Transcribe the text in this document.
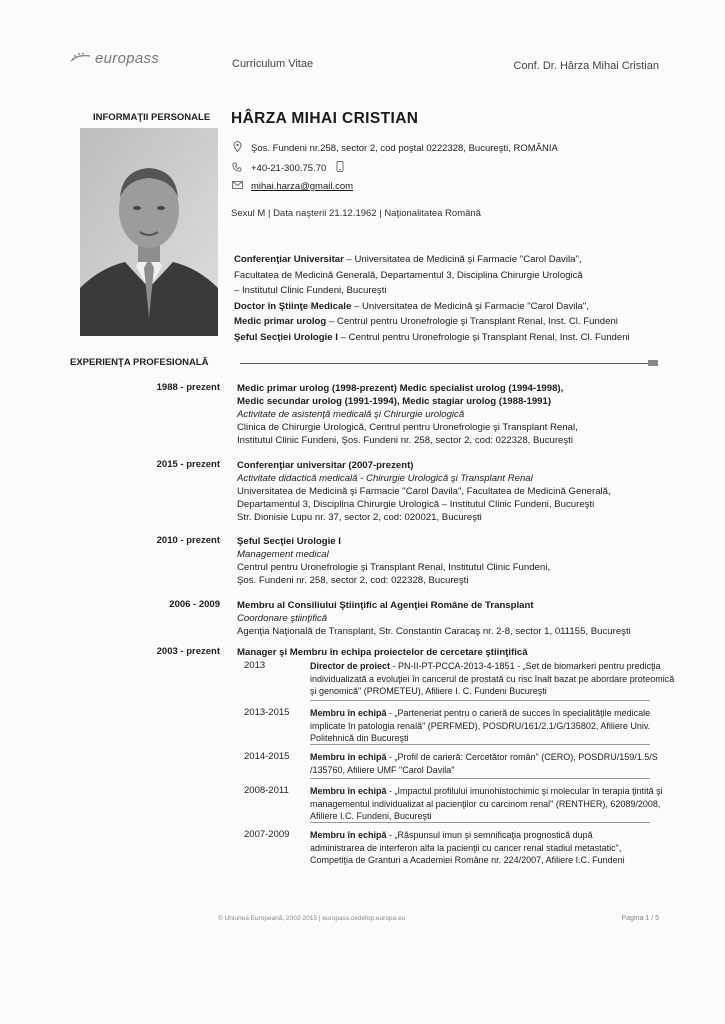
europass	Curriculum Vitae	Conf. Dr. Hârza Mihai Cristian
INFORMAŢII PERSONALE HÂRZA MIHAI CRISTIAN
Şos. Fundeni nr.258, sector 2, cod poştal 0222328, Bucureşti, ROMÂNIA
+40-21-300.75.70
mihai.harza@gmail.com
Sexul M | Data naşterii 21.12.1962 | Naţionalitatea Română
Conferenţiar Universitar – Universitatea de Medicină şi Farmacie "Carol Davila",
Facultatea de Medicină Generală, Departamentul 3, Disciplina Chirurgie Urologică
– Institutul Clinic Fundeni, Bucureşti
Doctor în Ştiinţe Medicale – Universitatea de Medicină şi Farmacie "Carol Davila",
Medic primar urolog – Centrul pentru Uronefrologie şi Transplant Renal, Inst. Cl. Fundeni
Şeful Secţiei Urologie I – Centrul pentru Uronefrologie şi Transplant Renal, Inst. Cl. Fundeni
EXPERIENŢA PROFESIONALĂ
1988 - prezent Medic primar urolog (1998-prezent) Medic specialist urolog (1994-1998),
Medic secundar urolog (1991-1994), Medic stagiar urolog (1988-1991)
Activitate de asistenţă medicală şi Chirurgie urologică
Clinica de Chirurgie Urologică, Centrul pentru Uronefrologie şi Transplant Renal,
Institutul Clinic Fundeni, Şos. Fundeni nr. 258, sector 2, cod: 022328, Bucureşti
2015 - prezent Conferenţiar universitar (2007-prezent)
Activitate didactică medicală - Chirurgie Urologică şi Transplant Renal
Universitatea de Medicină şi Farmacie "Carol Davila", Facultatea de Medicină Generală,
Departamentul 3, Disciplina Chirurgie Urologică – Institutul Clinic Fundeni, Bucureşti
Str. Dionisie Lupu nr. 37, sector 2, cod: 020021, Bucureşti
2010 - prezent Şeful Secţiei Urologie I
Management medical
Centrul pentru Uronefrologie şi Transplant Renal, Institutul Clinic Fundeni,
Şos. Fundeni nr. 258, sector 2, cod: 022328, Bucureşti
2006 - 2009 Membru al Consiliului Ştiinţific al Agenţiei Române de Transplant
Coordonare ştiinţifică
Agenţia Naţională de Transplant, Str. Constantin Caracaş nr. 2-8, sector 1, 011155, Bucureşti
2003 - prezent Manager şi Membru în echipa proiectelor de cercetare ştiinţifică
2013	Director de proiect - PN-II-PT-PCCA-2013-4-1851 - „Set de biomarkeri pentru predicţia
individualizată a evoluţiei în cancerul de prostată cu risc înalt bazat pe abordare proteomică
şi genomică" (PROMETEU), Afiliere I. C. Fundeni Bucureşti
2013-2015	Membru în echipă - „Parteneriat pentru o carieră de succes în specialităţile medicale
implicate în patologia renală" (PERFMED), POSDRU/161/2.1/G/135802, Afiliere Univ.
Politehnică din Bucureşti
2014-2015	Membru în echipă - „Profil de carieră: Cercetător român" (CERO), POSDRU/159/1.5/S
/135760, Afiliere UMF "Carol Davila"
2008-2011	Membru în echipă - „Impactul profilului imunohistochimic şi molecular în terapia ţintită şi
managementul individualizat al pacienţilor cu carcinom renal" (RENTHER), 62089/2008,
Afiliere I.C. Fundeni, Bucureşti
2007-2009	Membru în echipă - „Răspunsul imun şi semnificaţia prognostică după
administrarea de interferon alfa la pacienţii cu cancer renal stadiul metastatic",
Competiţia de Granturi a Academiei Române nr. 224/2007, Afiliere I.C. Fundeni
© Uniunea Europeană, 2002-2015 | europass.cedefop.europa.eu	Pagina 1 / 5
